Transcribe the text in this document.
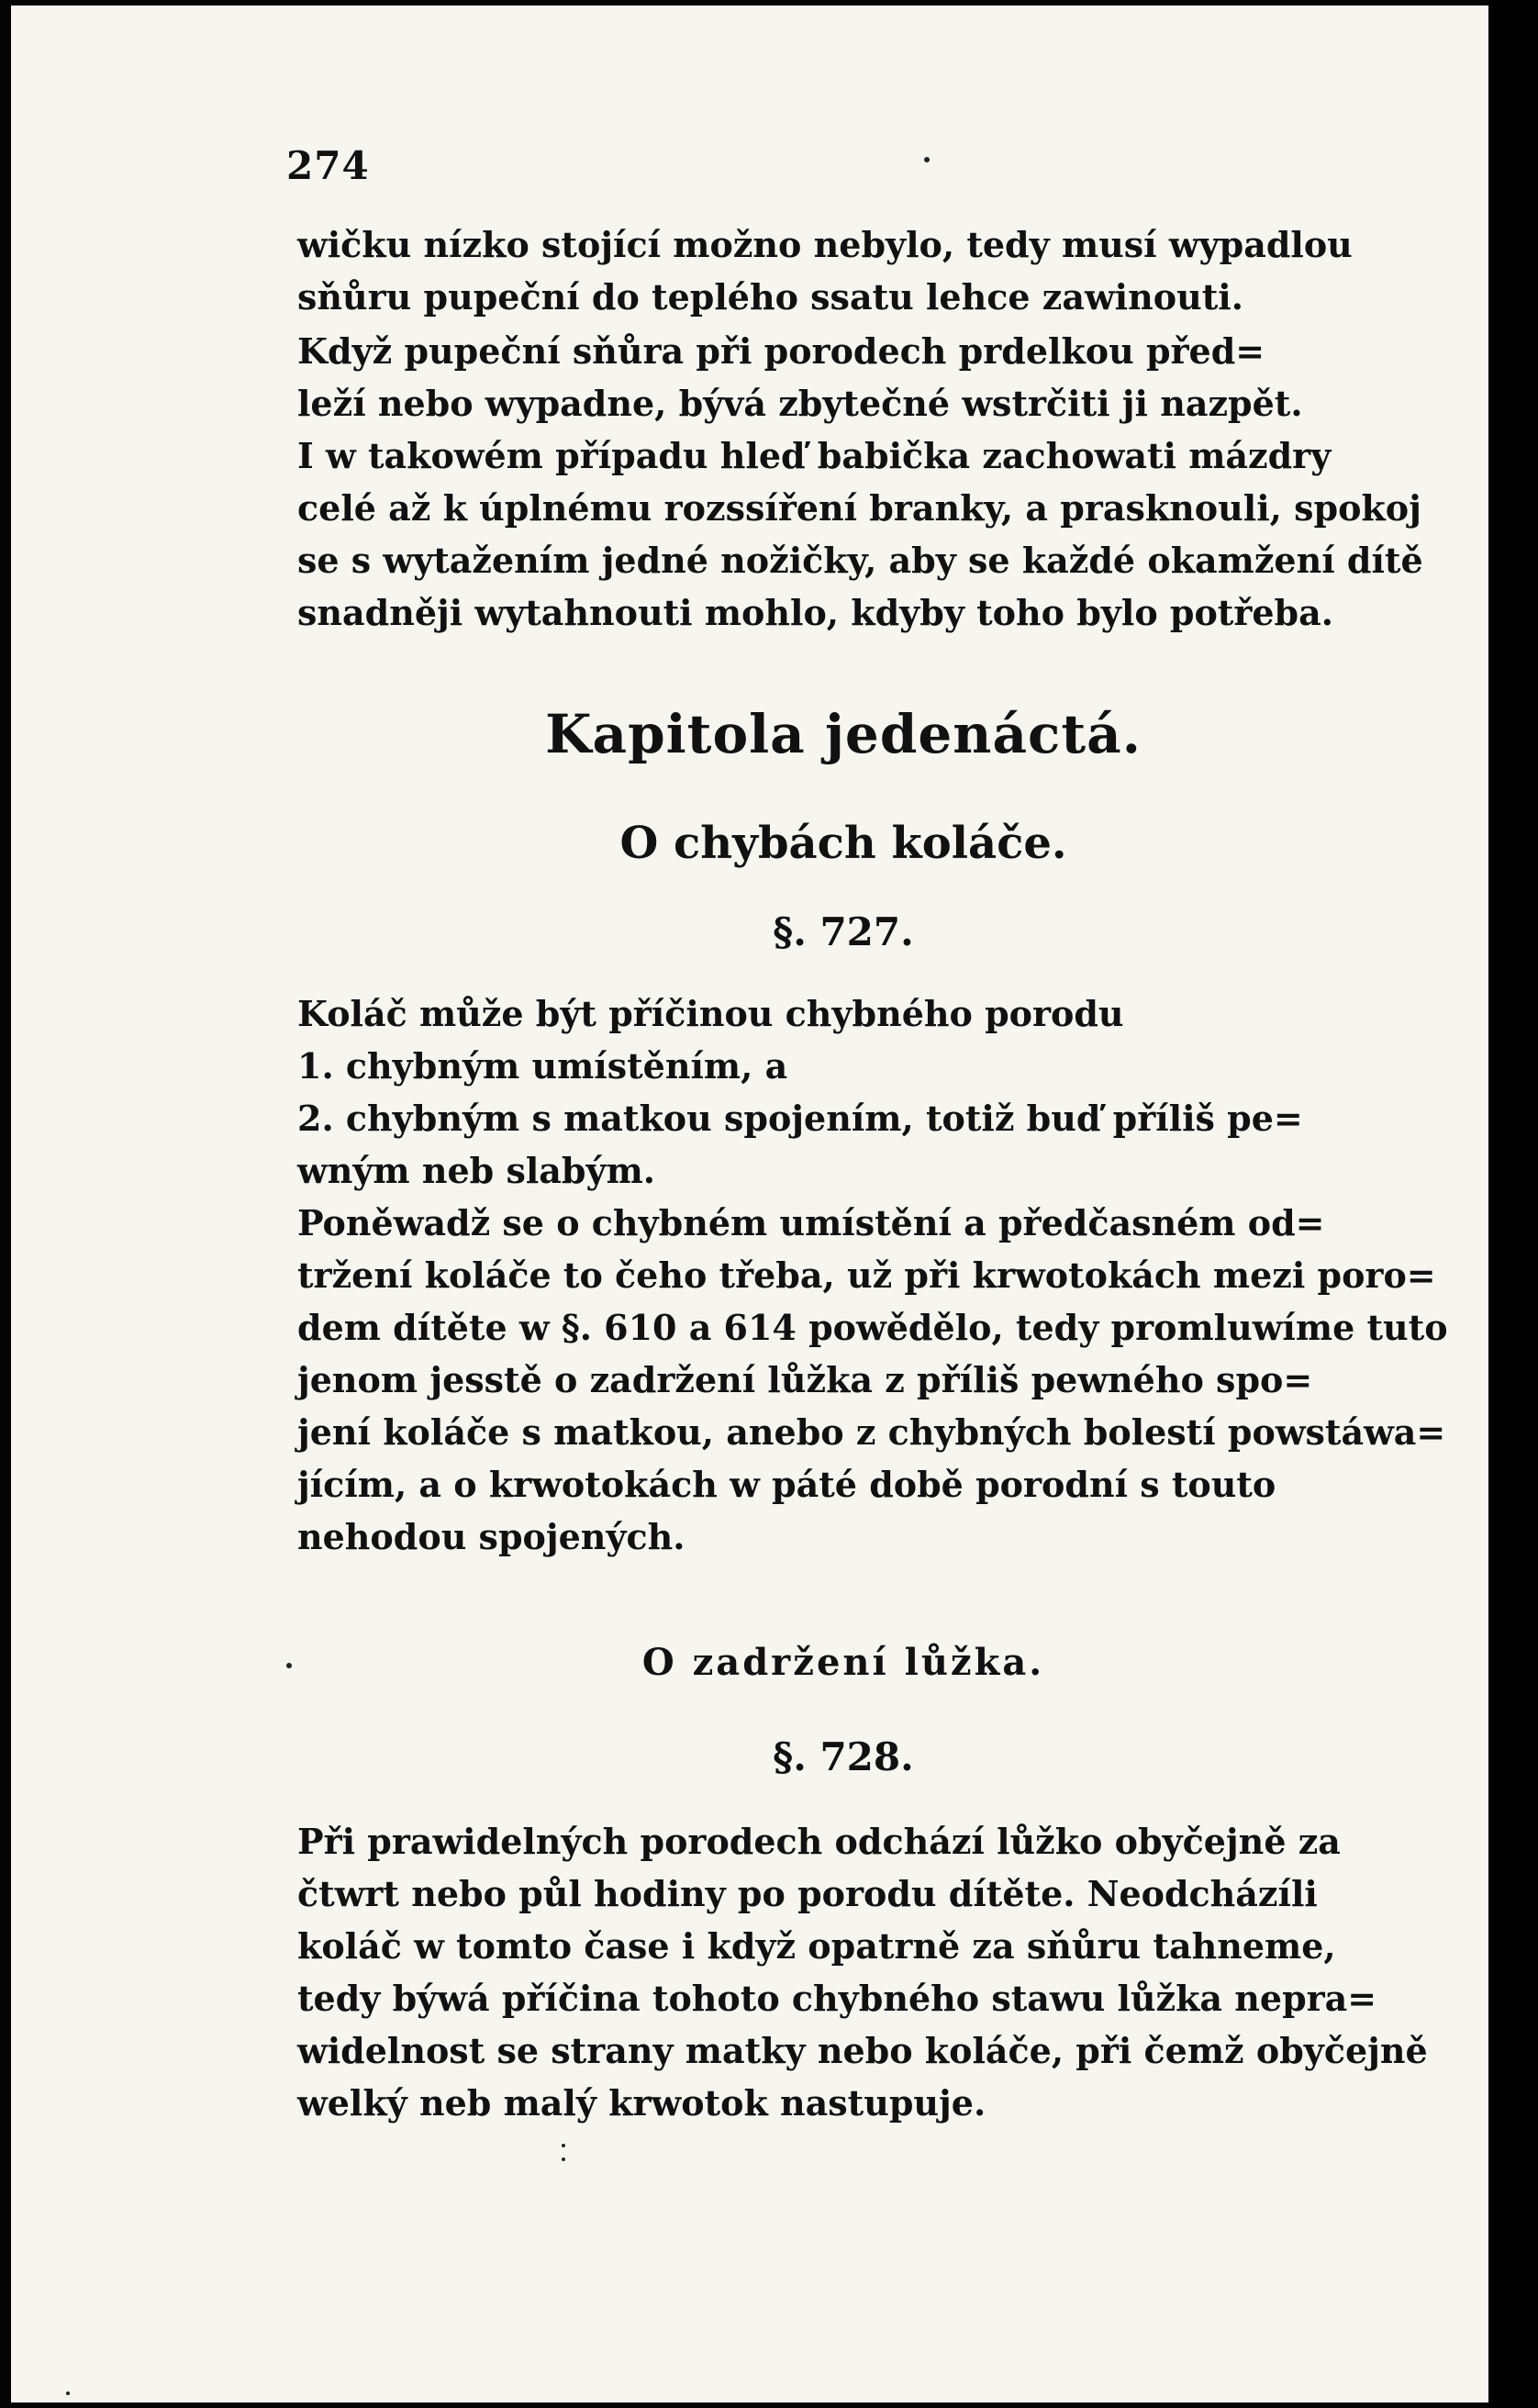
274
wičku nízko stojící možno nebylo, tedy musí wypadlou
sňůru pupeční do teplého ssatu lehce zawinouti.
Když pupeční sňůra při porodech prdelkou před=
leží nebo wypadne, bývá zbytečné wstrčiti ji nazpět.
I w takowém případu hleď babička zachowati mázdry
celé až k úplnému rozssíření branky, a prasknouli, spokoj
se s wytažením jedné nožičky, aby se každé okamžení dítě
snadněji wytahnouti mohlo, kdyby toho bylo potřeba.
Kapitola jedenáctá.
O chybách koláče.
§. 727.
Koláč může být příčinou chybného porodu
1. chybným umístěním, a
2. chybným s matkou spojením, totiž buď příliš pe=
wným neb slabým.
Poněwadž se o chybném umístění a předčasném od=
tržení koláče to čeho třeba, už při krwotokách mezi poro=
dem dítěte w §. 610 a 614 powědělo, tedy promluwíme tuto
jenom jesstě o zadržení lůžka z příliš pewného spo=
jení koláče s matkou, anebo z chybných bolestí powstáwa=
jícím, a o krwotokách w páté době porodní s touto
nehodou spojených.
O zadržení lůžka.
§. 728.
Při prawidelných porodech odchází lůžko obyčejně za
čtwrt nebo půl hodiny po porodu dítěte. Neodcházíli
koláč w tomto čase i když opatrně za sňůru tahneme,
tedy býwá příčina tohoto chybného stawu lůžka nepra=
widelnost se strany matky nebo koláče, při čemž obyčejně
welký neb malý krwotok nastupuje.
